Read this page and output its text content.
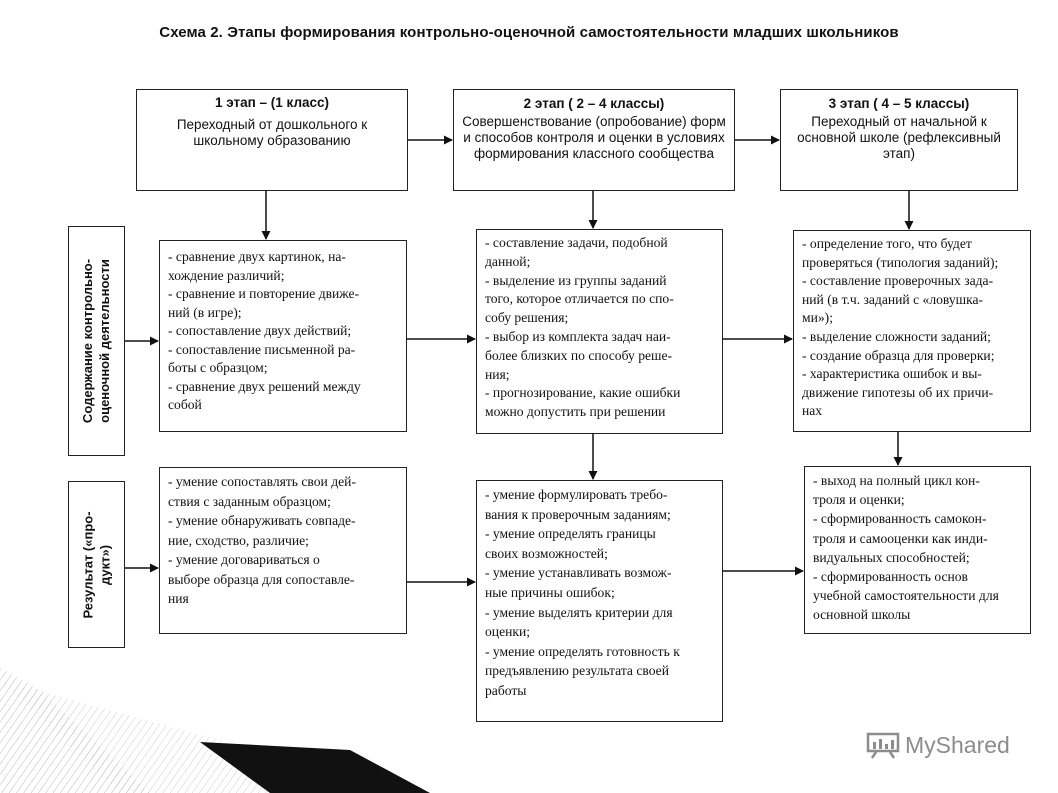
Схема 2. Этапы формирования контрольно-оценочной самостоятельности младших школьников
Содержание контрольно- оценочной деятельности
Результат («про- дукт»)
1 этап – (1 класс)
Переходный от дошкольного к школьному образованию
2 этап ( 2 – 4 классы)
Совершенствование (опробование) форм и способов контроля и оценки в условиях формирования классного сообщества
3 этап ( 4 – 5 классы)
Переходный от начальной к основной школе (рефлексивный этап)
- сравнение двух картинок, на-
хождение различий;
- сравнение и повторение движе-
ний (в игре);
- сопоставление двух действий;
- сопоставление письменной ра-
боты с образцом;
- сравнение двух решений между
собой
- составление задачи, подобной
данной;
- выделение из группы заданий
того, которое отличается по спо-
собу решения;
- выбор из комплекта задач наи-
более близких по способу реше-
ния;
- прогнозирование, какие ошибки
можно допустить при решении
- определение того, что будет
проверяться (типология заданий);
- составление проверочных зада-
ний (в т.ч. заданий с «ловушка-
ми»);
- выделение сложности заданий;
- создание образца для проверки;
- характеристика ошибок и вы-
движение гипотезы об их причи-
нах
- умение сопоставлять свои дей-
ствия с заданным образцом;
- умение обнаруживать совпаде-
ние, сходство, различие;
- умение договариваться о
выборе образца для сопоставле-
ния
- умение формулировать требо-
вания к проверочным заданиям;
- умение определять границы
своих возможностей;
- умение устанавливать возмож-
ные причины ошибок;
- умение выделять критерии для
оценки;
- умение определять готовность к
предъявлению результата своей
работы
- выход на полный цикл кон-
троля и оценки;
- сформированность самокон-
троля и самооценки как инди-
видуальных способностей;
- сформированность основ
учебной самостоятельности для
основной школы
MyShared
